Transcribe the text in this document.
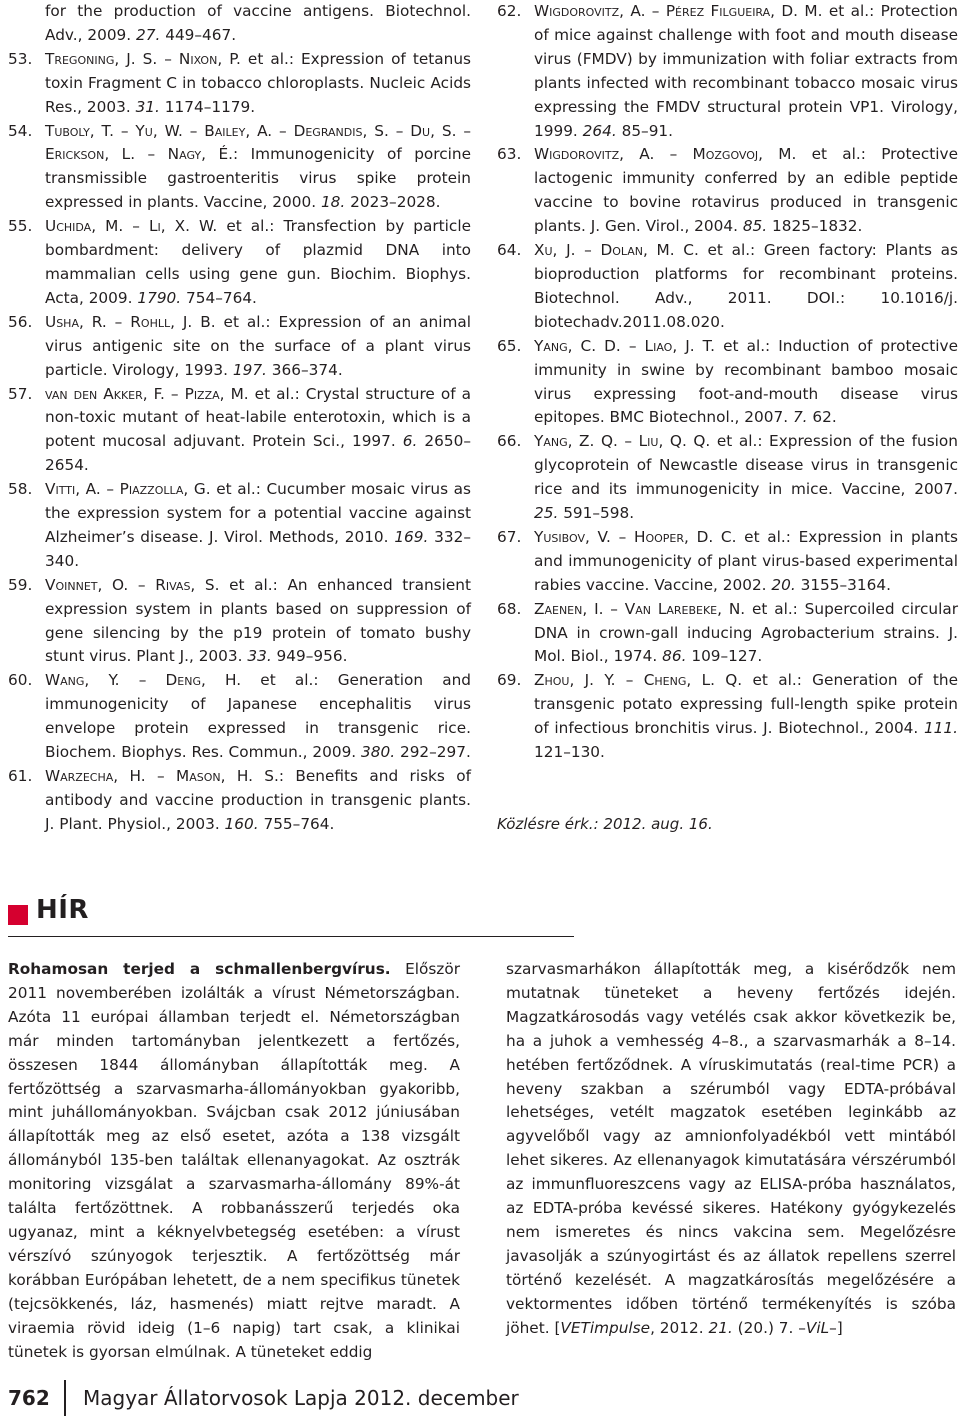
for the production of vaccine antigens. Biotechnol. Adv., 2009. 27. 449–467.
53. Tregoning, J. S. – Nixon, P. et al.: Expression of tetanus toxin Fragment C in tobacco chloroplasts. Nucleic Acids Res., 2003. 31. 1174–1179.
54. Tuboly, T. – Yu, W. – Bailey, A. – Degrandis, S. – Du, S. – Erickson, L. – Nagy, É.: Immunogenicity of porcine transmissible gastroenteritis virus spike protein expressed in plants. Vaccine, 2000. 18. 2023–2028.
55. Uchida, M. – Li, X. W. et al.: Transfection by particle bombardment: delivery of plazmid DNA into mammalian cells using gene gun. Biochim. Biophys. Acta, 2009. 1790. 754–764.
56. Usha, R. – Rohll, J. B. et al.: Expression of an animal virus antigenic site on the surface of a plant virus particle. Virology, 1993. 197. 366–374.
57. van den Akker, F. – Pizza, M. et al.: Crystal structure of a non-toxic mutant of heat-labile enterotoxin, which is a potent mucosal adjuvant. Protein Sci., 1997. 6. 2650–2654.
58. Vitti, A. – Piazzolla, G. et al.: Cucumber mosaic virus as the expression system for a potential vaccine against Alzheimer’s disease. J. Virol. Methods, 2010. 169. 332–340.
59. Voinnet, O. – Rivas, S. et al.: An enhanced transient expression system in plants based on suppression of gene silencing by the p19 protein of tomato bushy stunt virus. Plant J., 2003. 33. 949–956.
60. Wang, Y. – Deng, H. et al.: Generation and immunogenicity of Japanese encephalitis virus envelope protein expressed in transgenic rice. Biochem. Biophys. Res. Commun., 2009. 380. 292–297.
61. Warzecha, H. – Mason, H. S.: Benefits and risks of antibody and vaccine production in transgenic plants. J. Plant. Physiol., 2003. 160. 755–764.
62. Wigdorovitz, A. – Pérez Filgueira, D. M. et al.: Protection of mice against challenge with foot and mouth disease virus (FMDV) by immunization with foliar extracts from plants infected with recombinant tobacco mosaic virus expressing the FMDV structural protein VP1. Virology, 1999. 264. 85–91.
63. Wigdorovitz, A. – Mozgovoj, M. et al.: Protective lactogenic immunity conferred by an edible peptide vaccine to bovine rotavirus produced in transgenic plants. J. Gen. Virol., 2004. 85. 1825–1832.
64. Xu, J. – Dolan, M. C. et al.: Green factory: Plants as bioproduction platforms for recombinant proteins. Biotechnol. Adv., 2011. DOI.: 10.1016/j. biotechadv.2011.08.020.
65. Yang, C. D. – Liao, J. T. et al.: Induction of protective immunity in swine by recombinant bamboo mosaic virus expressing foot-and-mouth disease virus epitopes. BMC Biotechnol., 2007. 7. 62.
66. Yang, Z. Q. – Liu, Q. Q. et al.: Expression of the fusion glycoprotein of Newcastle disease virus in transgenic rice and its immunogenicity in mice. Vaccine, 2007. 25. 591–598.
67. Yusibov, V. – Hooper, D. C. et al.: Expression in plants and immunogenicity of plant virus-based experimental rabies vaccine. Vaccine, 2002. 20. 3155–3164.
68. Zaenen, I. – Van Larebeke, N. et al.: Supercoiled circular DNA in crown-gall inducing Agrobacterium strains. J. Mol. Biol., 1974. 86. 109–127.
69. Zhou, J. Y. – Cheng, L. Q. et al.: Generation of the transgenic potato expressing full-length spike protein of infectious bronchitis virus. J. Biotechnol., 2004. 111. 121–130.
Közlésre érk.: 2012. aug. 16.
HÍR
Rohamosan terjed a schmallenbergvírus. Először 2011 novemberében izolálták a vírust Németországban. Azóta 11 európai államban terjedt el. Németországban már minden tartományban jelentkezett a fertőzés, összesen 1844 állományban állapították meg. A fertőzöttség a szarvasmarha-állományokban gyakoribb, mint juhállományokban. Svájcban csak 2012 júniusában állapították meg az első esetet, azóta a 138 vizsgált állományból 135-ben találtak ellenanyagokat. Az osztrák monitoring vizsgálat a szarvasmarha-állomány 89%-át találta fertőzöttnek. A robbanásszerű terjedés oka ugyanaz, mint a kéknyelvbetegség esetében: a vírust vérszívó szúnyogok terjesztik. A fertőzöttség már korábban Európában lehetett, de a nem specifikus tünetek (tejcsökkenés, láz, hasmenés) miatt rejtve maradt. A viraemia rövid ideig (1–6 napig) tart csak, a klinikai tünetek is gyorsan elmúlnak. A tüneteket eddig
szarvasmarhákon állapították meg, a kisérődzők nem mutatnak tüneteket a heveny fertőzés idején. Magzatkárosodás vagy vetélés csak akkor következik be, ha a juhok a vemhesség 4–8., a szarvasmarhák a 8–14. hetében fertőződnek. A víruskimutatás (real-time PCR) a heveny szakban a szérumból vagy EDTA-próbával lehetséges, vetélt magzatok esetében leginkább az agyvelőből vagy az amnionfolyadékból vett mintából lehet sikeres. Az ellenanyagok kimutatására vérszérumból az immunfluoreszcens vagy az ELISA-próba használatos, az EDTA-próba kevéssé sikeres. Hatékony gyógykezelés nem ismeretes és nincs vakcina sem. Megelőzésre javasolják a szúnyogirtást és az állatok repellens szerrel történő kezelését. A magzatkárosítás megelőzésére a vektormentes időben történő termékenyítés is szóba jöhet. [VETimpulse, 2012. 21. (20.) 7. –ViL–]
762 Magyar Állatorvosok Lapja 2012. december
